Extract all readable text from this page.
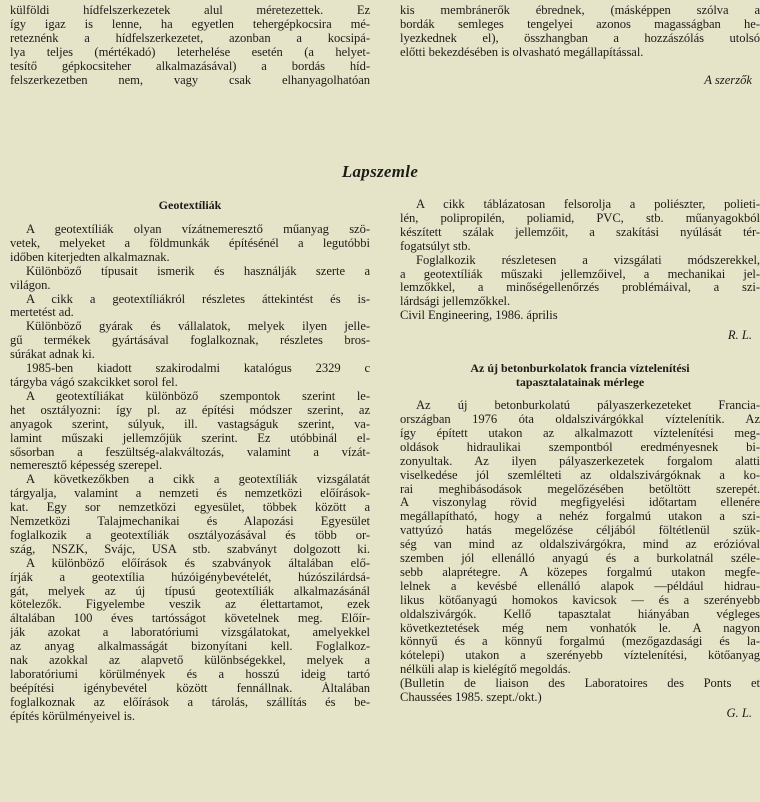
külföldi hídfelszerkezetek alul méretezettek. Ez
így igaz is lenne, ha egyetlen tehergépkocsira mé-
reteznénk a hídfelszerkezetet, azonban a kocsipá-
lya teljes (mértékadó) leterhelése esetén (a helyet-
tesítő gépkocsiteher alkalmazásával) a bordás híd-
felszerkezetben nem, vagy csak elhanyagolhatóan
kis membránerők ébrednek, (másképpen szólva a
bordák semleges tengelyei azonos magasságban he-
lyezkednek el), összhangban a hozzászólás utolsó
előtti bekezdésében is olvasható megállapítással.
A szerzők
Lapszemle
Geotextíliák
A geotextíliák olyan vízátnemeresztő műanyag szö-
vetek, melyeket a földmunkák építésénél a legutóbbi
időben kiterjedten alkalmaznak.
Különböző típusait ismerik és használják szerte a
világon.
A cikk a geotextíliákról részletes áttekintést és is-
mertetést ad.
Különböző gyárak és vállalatok, melyek ilyen jelle-
gű termékek gyártásával foglalkoznak, részletes bros-
súrákat adnak ki.
1985-ben kiadott szakirodalmi katalógus 2329 c
tárgyba vágó szakcikket sorol fel.
A geotextíliákat különböző szempontok szerint le-
het osztályozni: így pl. az építési módszer szerint, az
anyagok szerint, súlyuk, ill. vastagságuk szerint, va-
lamint műszaki jellemzőjük szerint. Ez utóbbinál el-
sősorban a feszültség-alakváltozás, valamint a vízát-
nemeresztő képesség szerepel.
A következőkben a cikk a geotextíliák vizsgálatát
tárgyalja, valamint a nemzeti és nemzetközi előírások-
kat. Egy sor nemzetközi egyesület, többek között a
Nemzetközi Talajmechanikai és Alapozási Egyesület
foglalkozik a geotextíliák osztályozásával és több or-
szág, NSZK, Svájc, USA stb. szabványt dolgozott ki.
A különböző előírások és szabványok általában elő-
írják a geotextília húzóigénybevételét, húzószilárdsá-
gát, melyek az új típusú geotextíliák alkalmazásánál
kötelezők. Figyelembe veszik az élettartamot, ezek
általában 100 éves tartósságot követelnek meg. Előír-
ják azokat a laboratóriumi vizsgálatokat, amelyekkel
az anyag alkalmasságát bizonyítani kell. Foglalkoz-
nak azokkal az alapvető különbségekkel, melyek a
laboratóriumi körülmények és a hosszú ideig tartó
beépítési igénybevétel között fennállnak. Általában
foglalkoznak az előírások a tárolás, szállítás és be-
építés körülményeivel is.
A cikk táblázatosan felsorolja a poliészter, polieti-
lén, polipropilén, poliamid, PVC, stb. műanyagokból
készített szálak jellemzőit, a szakítási nyúlását tér-
fogatsúlyt stb.
Foglalkozik részletesen a vizsgálati módszerekkel,
a geotextíliák műszaki jellemzőivel, a mechanikai jel-
lemzőkkel, a minőségellenőrzés problémáival, a szi-
lárdsági jellemzőkkel.
Civil Engineering, 1986. április
R. L.
Az új betonburkolatok francia víztelenítési
tapasztalatainak mérlege
Az új betonburkolatú pályaszerkezeteket Francia-
országban 1976 óta oldalszivárgókkal víztelenítik. Az
így épített utakon az alkalmazott víztelenítési meg-
oldások hidraulikai szempontból eredményesnek bi-
zonyultak. Az ilyen pályaszerkezetek forgalom alatti
viselkedése jól szemlélteti az oldalszivárgóknak a ko-
rai meghibásodások megelőzésében betöltött szerepét.
A viszonylag rövid megfigyelési időtartam ellenére
megállapítható, hogy a nehéz forgalmú utakon a szi-
vattyúzó hatás megelőzése céljából föltétlenül szük-
ség van mind az oldalszivárgókra, mind az erózióval
szemben jól ellenálló anyagú és a burkolatnál széle-
sebb alaprétegre. A közepes forgalmú utakon megfe-
lelnek a kevésbé ellenálló alapok —például hidrau-
likus kötőanyagú homokos kavicsok — és a szerényebb
oldalszivárgók. Kellő tapasztalat hiányában végleges
következtetések még nem vonhatók le. A nagyon
könnyű és a könnyű forgalmú (mezőgazdasági és la-
kótelepi) utakon a szerényebb víztelenítési, kötőanyag
nélküli alap is kielégítő megoldás.
(Bulletin de liaison des Laboratoires des Ponts et
Chaussées 1985. szept./okt.)
G. L.
